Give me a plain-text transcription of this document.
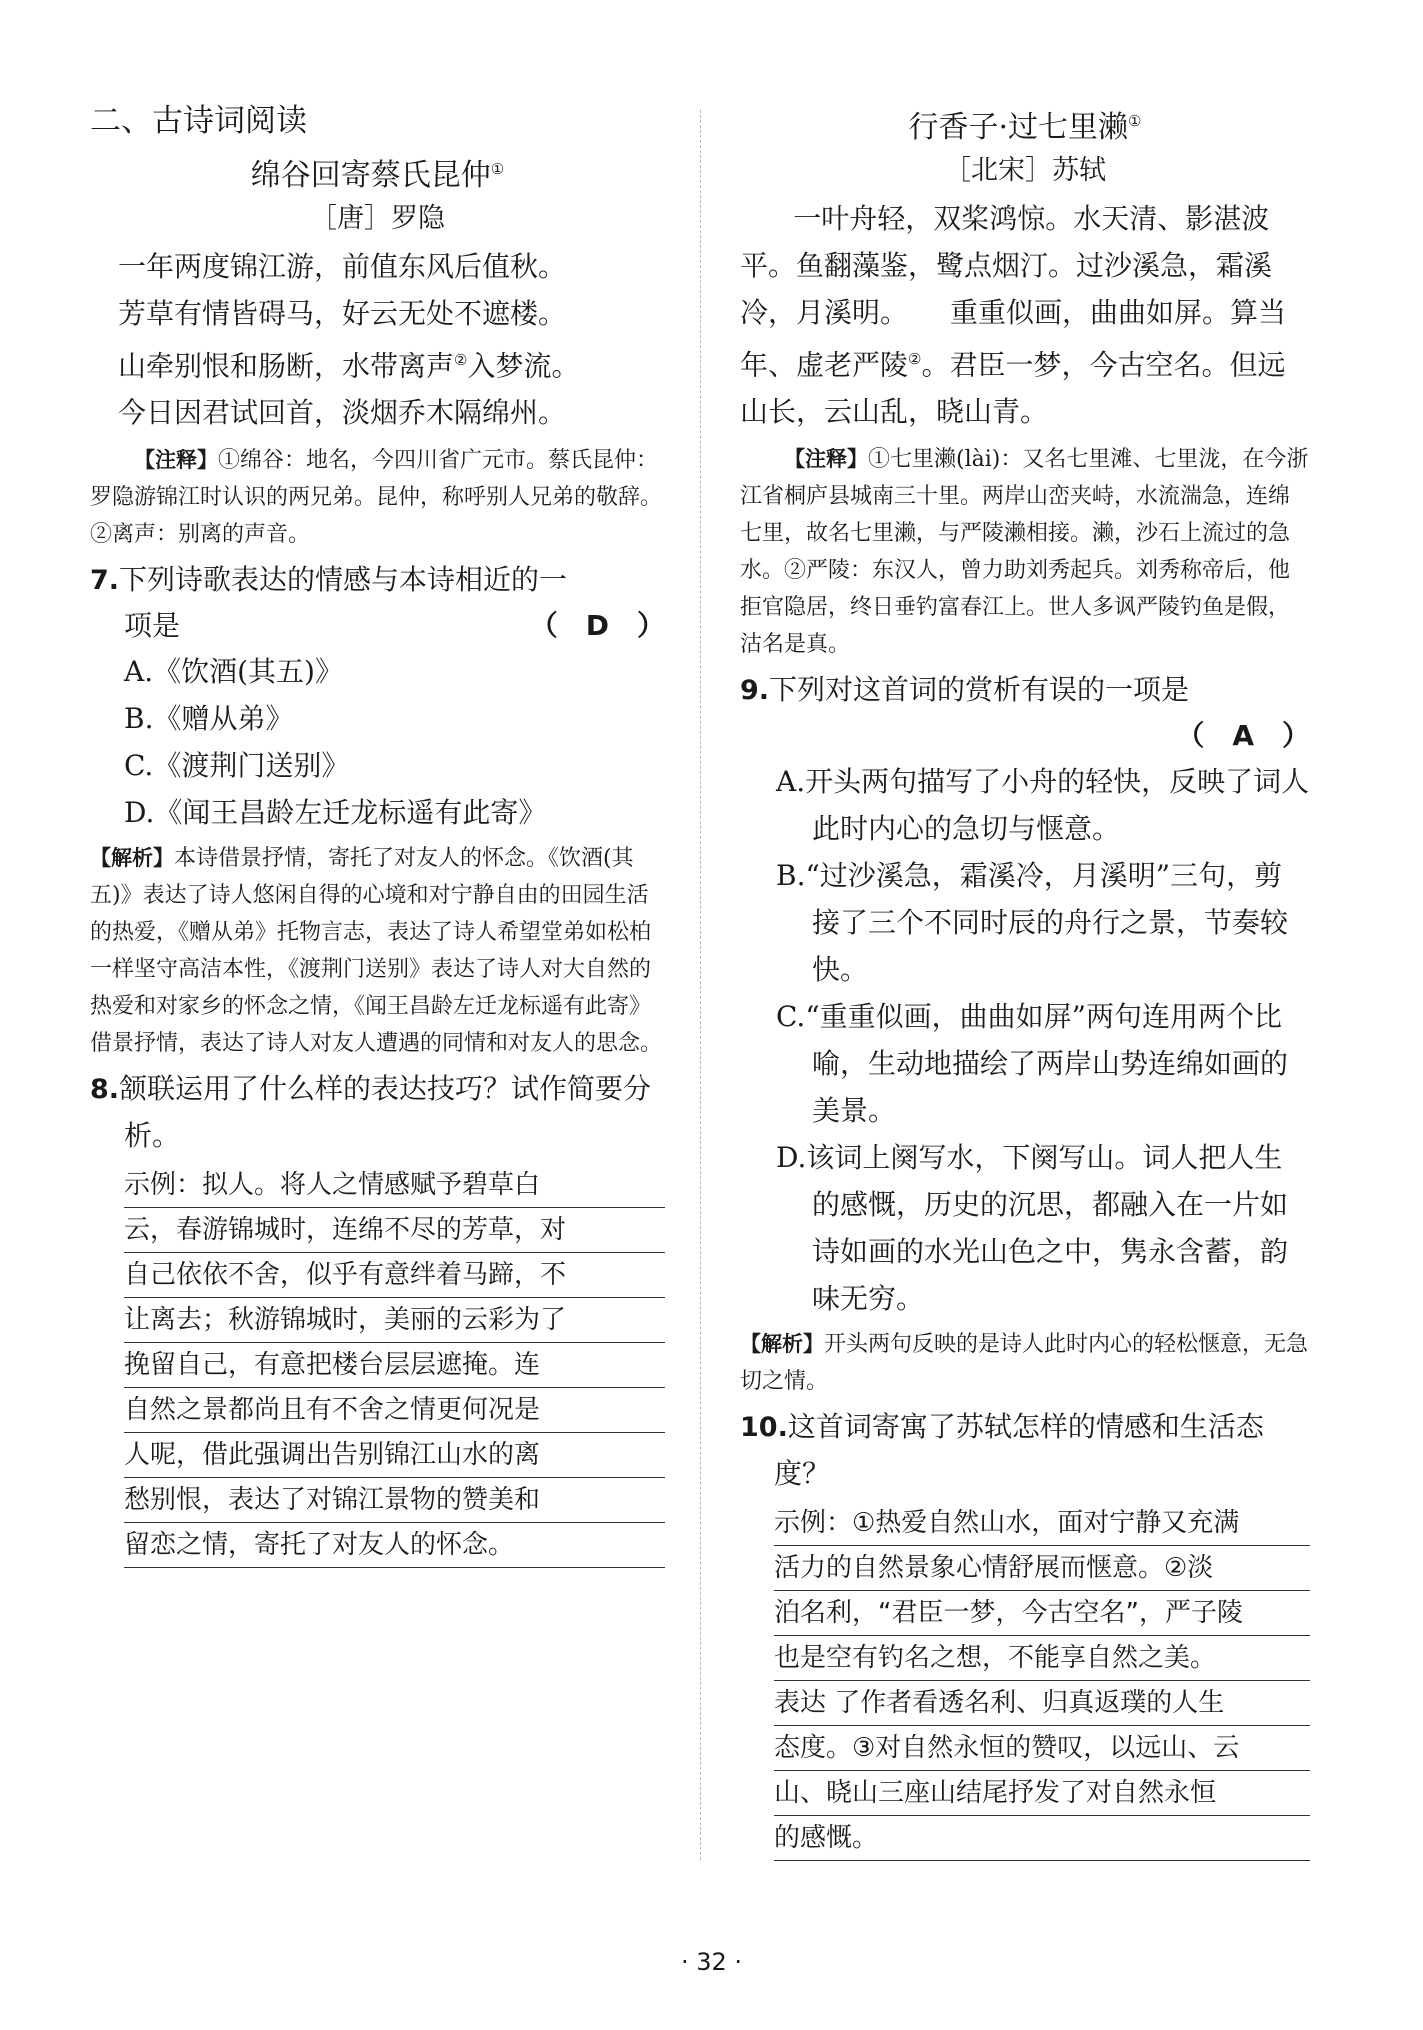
二、古诗词阅读
绵谷回寄蔡氏昆仲①
［唐］罗隐
一年两度锦江游，前值东风后值秋。
芳草有情皆碍马，好云无处不遮楼。
山牵别恨和肠断，水带离声②入梦流。
今日因君试回首，淡烟乔木隔绵州。

【注释】①绵谷：地名，今四川省广元市。蔡氏昆仲：罗隐游锦江时认识的两兄弟。昆仲，称呼别人兄弟的敬辞。②离声：别离的声音。

7.下列诗歌表达的情感与本诗相近的一
项是	（　D　）
A.《饮酒(其五)》
B.《赠从弟》
C.《渡荆门送别》
D.《闻王昌龄左迁龙标遥有此寄》

【解析】本诗借景抒情，寄托了对友人的怀念。《饮酒(其五)》表达了诗人悠闲自得的心境和对宁静自由的田园生活的热爱，《赠从弟》托物言志，表达了诗人希望堂弟如松柏一样坚守高洁本性，《渡荆门送别》表达了诗人对大自然的热爱和对家乡的怀念之情，《闻王昌龄左迁龙标遥有此寄》借景抒情，表达了诗人对友人遭遇的同情和对友人的思念。

8.颔联运用了什么样的表达技巧？试作简要分析。
示例：拟人。将人之情感赋予碧草白
云，春游锦城时，连绵不尽的芳草，对
自己依依不舍，似乎有意绊着马蹄，不
让离去；秋游锦城时，美丽的云彩为了
挽留自己，有意把楼台层层遮掩。连
自然之景都尚且有不舍之情更何况是
人呢，借此强调出告别锦江山水的离
愁别恨，表达了对锦江景物的赞美和
留恋之情，寄托了对友人的怀念。
行香子·过七里濑①
［北宋］苏轼

一叶舟轻，双桨鸿惊。水天清、影湛波平。鱼翻藻鉴，鹭点烟汀。过沙溪急，霜溪冷，月溪明。　　重重似画，曲曲如屏。算当年、虚老严陵②。君臣一梦，今古空名。但远山长，云山乱，晓山青。

【注释】①七里濑(lài)：又名七里滩、七里泷，在今浙江省桐庐县城南三十里。两岸山峦夹峙，水流湍急，连绵七里，故名七里濑，与严陵濑相接。濑，沙石上流过的急水。②严陵：东汉人，曾力助刘秀起兵。刘秀称帝后，他拒官隐居，终日垂钓富春江上。世人多讽严陵钓鱼是假，沽名是真。

9.下列对这首词的赏析有误的一项是
（　A　）
A.开头两句描写了小舟的轻快，反映了词人此时内心的急切与惬意。
B.“过沙溪急，霜溪冷，月溪明”三句，剪接了三个不同时辰的舟行之景，节奏较快。
C.“重重似画，曲曲如屏”两句连用两个比喻，生动地描绘了两岸山势连绵如画的美景。
D.该词上阕写水，下阕写山。词人把人生的感慨，历史的沉思，都融入在一片如诗如画的水光山色之中，隽永含蓄，韵味无穷。

【解析】开头两句反映的是诗人此时内心的轻松惬意，无急切之情。

10.这首词寄寓了苏轼怎样的情感和生活态度？
示例：①热爱自然山水，面对宁静又充满
活力的自然景象心情舒展而惬意。②淡
泊名利，“君臣一梦，今古空名”，严子陵
也是空有钓名之想，不能享自然之美。
表达 了作者看透名利、归真返璞的人生
态度。③对自然永恒的赞叹，以远山、云
山、晓山三座山结尾抒发了对自然永恒
的感慨。
· 32 ·
